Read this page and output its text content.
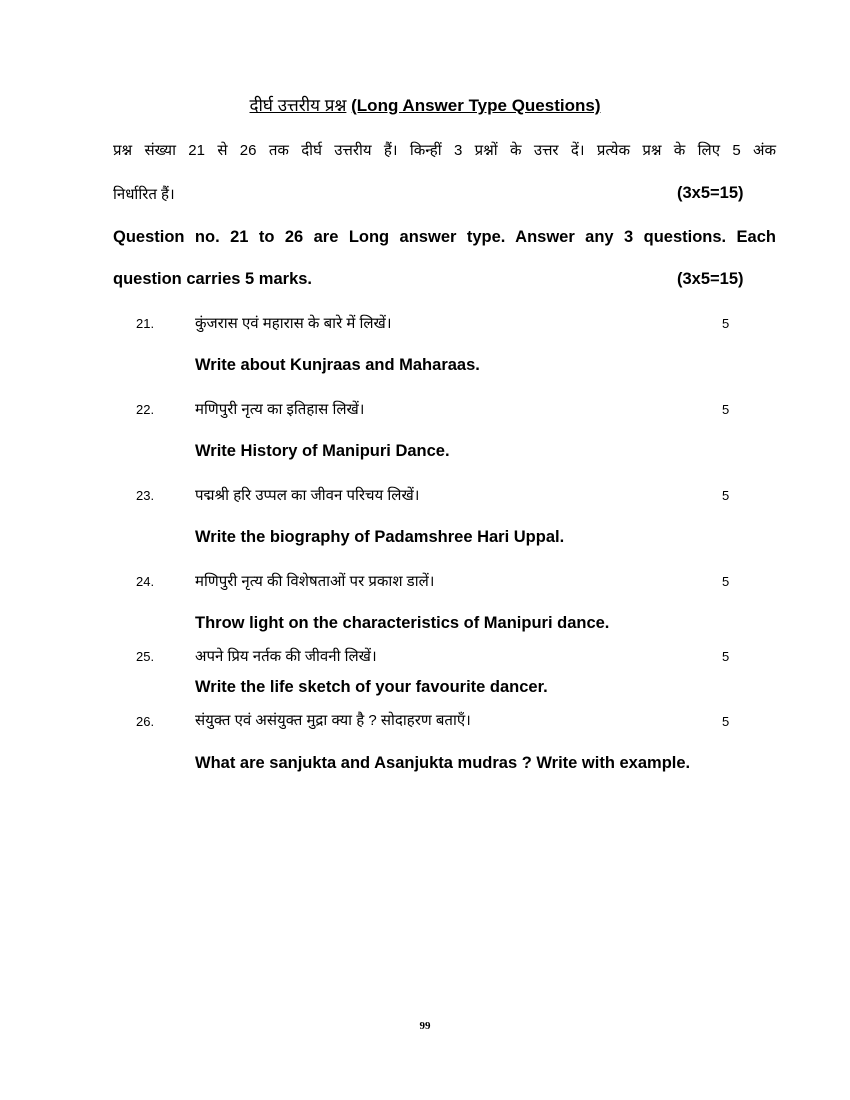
दीर्घ उत्तरीय प्रश्न (Long Answer Type Questions)
प्रश्न संख्या 21 से 26 तक दीर्घ उत्तरीय हैं। किन्हीं 3 प्रश्नों के उत्तर दें। प्रत्येक प्रश्न के लिए 5 अंक
निर्धारित हैं।	(3x5=15)
Question no. 21 to 26 are Long answer type. Answer any 3 questions. Each
question carries 5 marks.	(3x5=15)
21.	कुंजरास एवं महारास के बारे में लिखें।	5
Write about Kunjraas and Maharaas.
22.	मणिपुरी नृत्य का इतिहास लिखें।	5
Write History of Manipuri Dance.
23.	पद्मश्री हरि उप्पल का जीवन परिचय लिखें।	5
Write the biography of Padamshree Hari Uppal.
24.	मणिपुरी नृत्य की विशेषताओं पर प्रकाश डालें।	5
Throw light on the characteristics of Manipuri dance.
25.	अपने प्रिय नर्तक की जीवनी लिखें।	5
Write the life sketch of your favourite dancer.
26.	संयुक्त एवं असंयुक्त मुद्रा क्या है ? सोदाहरण बताएँ।	5
What are sanjukta and Asanjukta mudras ? Write with example.
99
